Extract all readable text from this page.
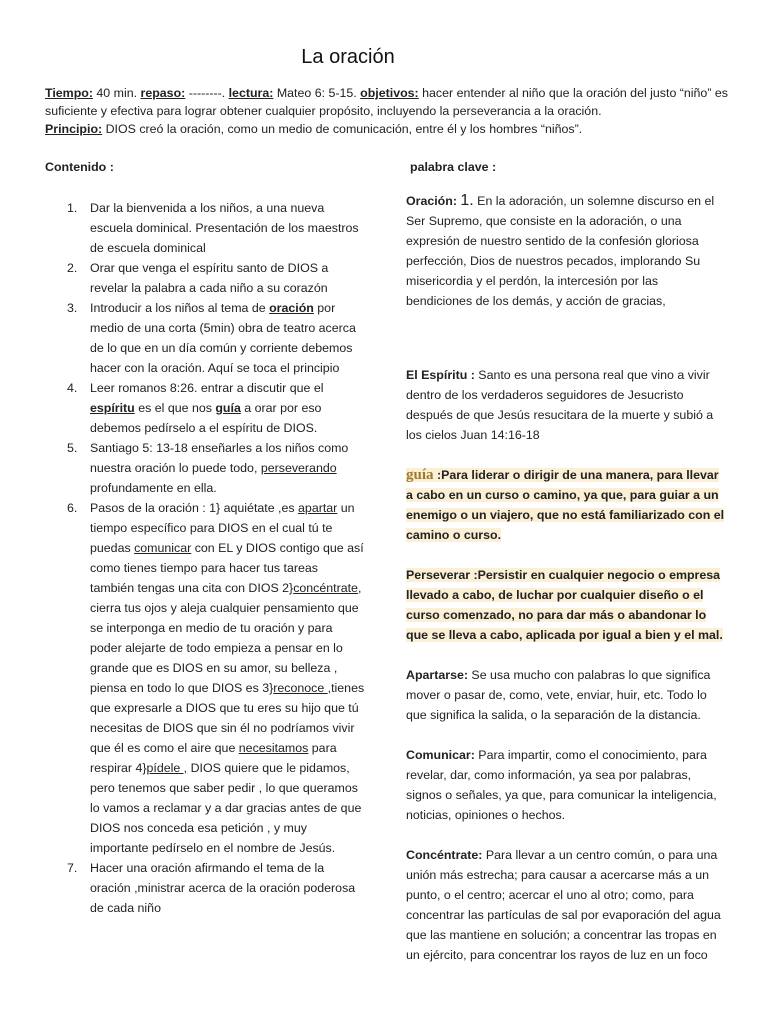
La oración

Tiempo: 40 min. repaso: --------. lectura: Mateo 6: 5-15. objetivos: hacer entender al niño que la oración del justo “niño” es suficiente y efectiva para lograr obtener cualquier propósito, incluyendo la perseverancia a la oración.

Principio: DIOS creó la oración, como un medio de comunicación, entre él y los hombres “niños”.

Contenido :
1. Dar la bienvenida a los niños, a una nueva escuela dominical. Presentación de los maestros de escuela dominical
2. Orar que venga el espíritu santo de DIOS a revelar la palabra a cada niño a su corazón
3. Introducir a los niños al tema de oración por medio de una corta (5min) obra de teatro acerca de lo que en un día común y corriente debemos hacer con la oración. Aquí se toca el principio
4. Leer romanos 8:26. entrar a discutir que el espíritu es el que nos guía a orar por eso debemos pedírselo a el espíritu de DIOS.
5. Santiago 5: 13-18 enseñarles a los niños como nuestra oración lo puede todo, perseverando profundamente en ella.
6. Pasos de la oración : 1} aquiétate ,es apartar un tiempo específico para DIOS en el cual tú te puedas comunicar con EL y DIOS contigo que así como tienes tiempo para hacer tus tareas también tengas una cita con DIOS 2}concéntrate, cierra tus ojos y aleja cualquier pensamiento que se interponga en medio de tu oración y para poder alejarte de todo empieza a pensar en lo grande que es DIOS en su amor, su belleza , piensa en todo lo que DIOS es 3}reconoce ,tienes que expresarle a DIOS que tu eres su hijo que tú necesitas de DIOS que sin él no podríamos vivir que él es como el aire que necesitamos para respirar 4}pídele , DIOS quiere que le pidamos, pero tenemos que saber pedir , lo que queramos lo vamos a reclamar y a dar gracias antes de que DIOS nos conceda esa petición , y muy importante pedírselo en el nombre de Jesús.
7. Hacer una oración afirmando el tema de la oración ,ministrar acerca de la oración poderosa de cada niño
palabra clave :
Oración: 1. En la adoración, un solemne discurso en el Ser Supremo, que consiste en la adoración, o una expresión de nuestro sentido de la confesión gloriosa perfección, Dios de nuestros pecados, implorando Su misericordia y el perdón, la intercesión por las bendiciones de los demás, y acción de gracias,
El Espíritu : Santo es una persona real que vino a vivir dentro de los verdaderos seguidores de Jesucristo después de que Jesús resucitara de la muerte y subió a los cielos Juan 14:16-18
guía :Para liderar o dirigir de una manera, para llevar a cabo en un curso o camino, ya que, para guiar a un enemigo o un viajero, que no está familiarizado con el camino o curso.
Perseverar :Persistir en cualquier negocio o empresa llevado a cabo, de luchar por cualquier diseño o el curso comenzado, no para dar más o abandonar lo que se lleva a cabo, aplicada por igual a bien y el mal.
Apartarse: Se usa mucho con palabras lo que significa mover o pasar de, como, vete, enviar, huir, etc. Todo lo que significa la salida, o la separación de la distancia.
Comunicar: Para impartir, como el conocimiento, para revelar, dar, como información, ya sea por palabras, signos o señales, ya que, para comunicar la inteligencia, noticias, opiniones o hechos.
Concéntrate: Para llevar a un centro común, o para una unión más estrecha; para causar a acercarse más a un punto, o el centro; acercar el uno al otro; como, para concentrar las partículas de sal por evaporación del agua que las mantiene en solución; a concentrar las tropas en un ejército, para concentrar los rayos de luz en un foco
